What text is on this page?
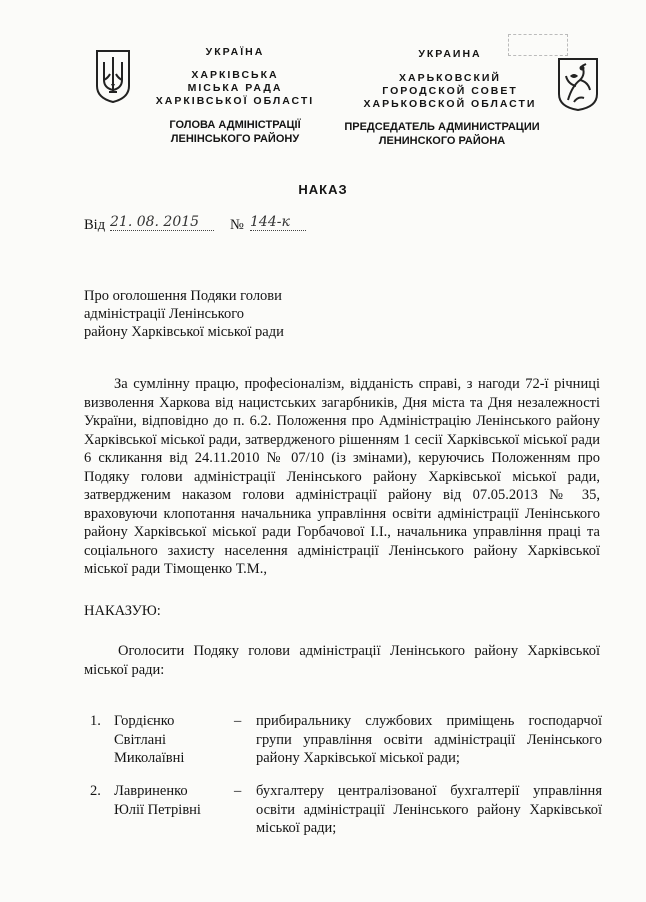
УКРАЇНА
ХАРКІВСЬКА
МІСЬКА РАДА
ХАРКІВСЬКОЇ ОБЛАСТІ
ГОЛОВА АДМІНІСТРАЦІЇ
ЛЕНІНСЬКОГО РАЙОНУ
УКРАИНА
ХАРЬКОВСКИЙ
ГОРОДСКОЙ СОВЕТ
ХАРЬКОВСКОЙ ОБЛАСТИ
ПРЕДСЕДАТЕЛЬ АДМИНИСТРАЦИИ
ЛЕНИНСКОГО РАЙОНА
НАКАЗ
Від 21. 08. 2015	№ 144-к
Про оголошення Подяки голови
адміністрації Ленінського
району Харківської міської ради
За сумлінну працю, професіоналізм, відданість справі, з нагоди 72-ї річниці визволення Харкова від нацистських загарбників, Дня міста та Дня незалежності України, відповідно до п. 6.2. Положення про Адміністрацію Ленінського району Харківської міської ради, затвердженого рішенням 1 сесії Харківської міської ради 6 скликання від 24.11.2010 № 07/10 (із змінами), керуючись Положенням про Подяку голови адміністрації Ленінського району Харківської міської ради, затвердженим наказом голови адміністрації району від 07.05.2013 № 35, враховуючи клопотання начальника управління освіти адміністрації Ленінського району Харківської міської ради Горбачової І.І., начальника управління праці та соціального захисту населення адміністрації Ленінського району Харківської міської ради Тімощенко Т.М.,
НАКАЗУЮ:
Оголосити Подяку голови адміністрації Ленінського району Харківської міської ради:
1. Гордієнко
Світлані
Миколаївні
– прибиральнику службових приміщень господарчої групи управління освіти адміністрації Ленінського району Харківської міської ради;
2. Лавриненко
Юлії Петрівні
– бухгалтеру централізованої бухгалтерії управління освіти адміністрації Ленінського району Харківської міської ради;
